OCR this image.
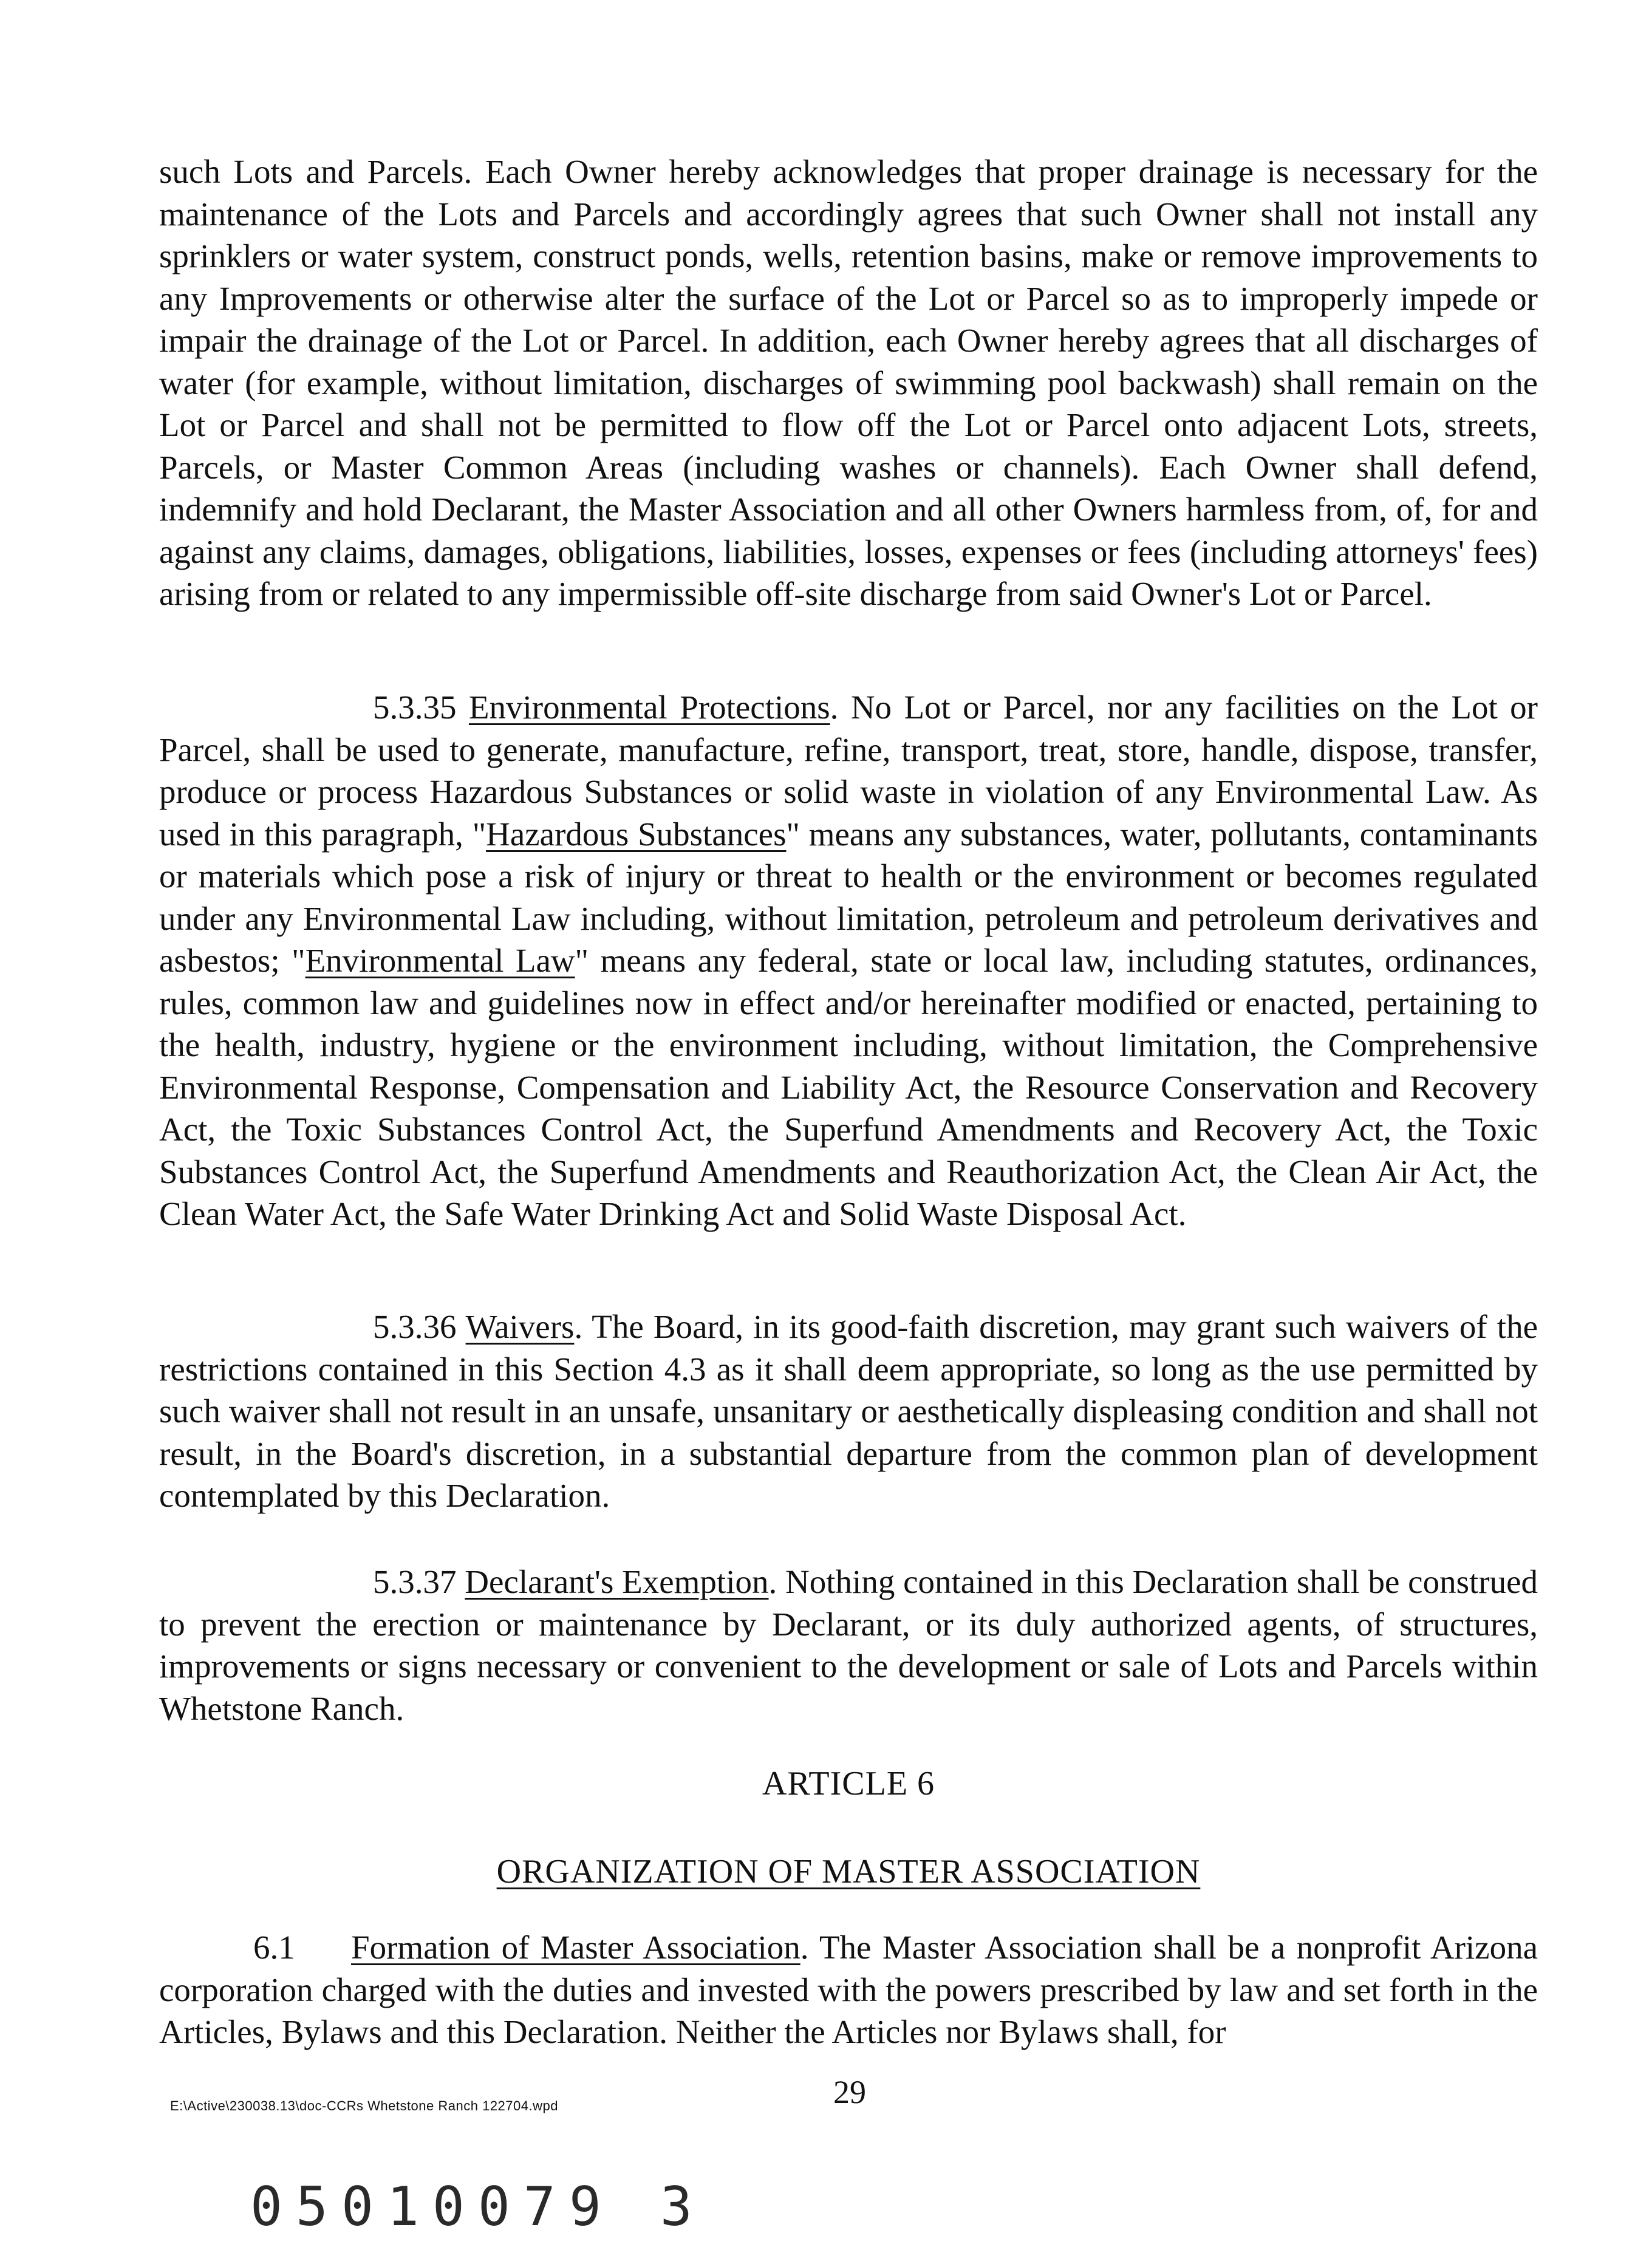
such Lots and Parcels. Each Owner hereby acknowledges that proper drainage is necessary for the maintenance of the Lots and Parcels and accordingly agrees that such Owner shall not install any sprinklers or water system, construct ponds, wells, retention basins, make or remove improvements to any Improvements or otherwise alter the surface of the Lot or Parcel so as to improperly impede or impair the drainage of the Lot or Parcel. In addition, each Owner hereby agrees that all discharges of water (for example, without limitation, discharges of swimming pool backwash) shall remain on the Lot or Parcel and shall not be permitted to flow off the Lot or Parcel onto adjacent Lots, streets, Parcels, or Master Common Areas (including washes or channels). Each Owner shall defend, indemnify and hold Declarant, the Master Association and all other Owners harmless from, of, for and against any claims, damages, obligations, liabilities, losses, expenses or fees (including attorneys' fees) arising from or related to any impermissible off-site discharge from said Owner's Lot or Parcel.

5.3.35 Environmental Protections. No Lot or Parcel, nor any facilities on the Lot or Parcel, shall be used to generate, manufacture, refine, transport, treat, store, handle, dispose, transfer, produce or process Hazardous Substances or solid waste in violation of any Environmental Law. As used in this paragraph, "Hazardous Substances" means any substances, water, pollutants, contaminants or materials which pose a risk of injury or threat to health or the environment or becomes regulated under any Environmental Law including, without limitation, petroleum and petroleum derivatives and asbestos; "Environmental Law" means any federal, state or local law, including statutes, ordinances, rules, common law and guidelines now in effect and/or hereinafter modified or enacted, pertaining to the health, industry, hygiene or the environment including, without limitation, the Comprehensive Environmental Response, Compensation and Liability Act, the Resource Conservation and Recovery Act, the Toxic Substances Control Act, the Superfund Amendments and Recovery Act, the Toxic Substances Control Act, the Superfund Amendments and Reauthorization Act, the Clean Air Act, the Clean Water Act, the Safe Water Drinking Act and Solid Waste Disposal Act.

5.3.36 Waivers. The Board, in its good-faith discretion, may grant such waivers of the restrictions contained in this Section 4.3 as it shall deem appropriate, so long as the use permitted by such waiver shall not result in an unsafe, unsanitary or aesthetically displeasing condition and shall not result, in the Board's discretion, in a substantial departure from the common plan of development contemplated by this Declaration.

5.3.37 Declarant's Exemption. Nothing contained in this Declaration shall be construed to prevent the erection or maintenance by Declarant, or its duly authorized agents, of structures, improvements or signs necessary or convenient to the development or sale of Lots and Parcels within Whetstone Ranch.

ARTICLE 6

ORGANIZATION OF MASTER ASSOCIATION

6.1 Formation of Master Association. The Master Association shall be a nonprofit Arizona corporation charged with the duties and invested with the powers prescribed by law and set forth in the Articles, Bylaws and this Declaration. Neither the Articles nor Bylaws shall, for

E:\Active\230038.13\doc-CCRs Whetstone Ranch 122704.wpd	29
05010079 3
